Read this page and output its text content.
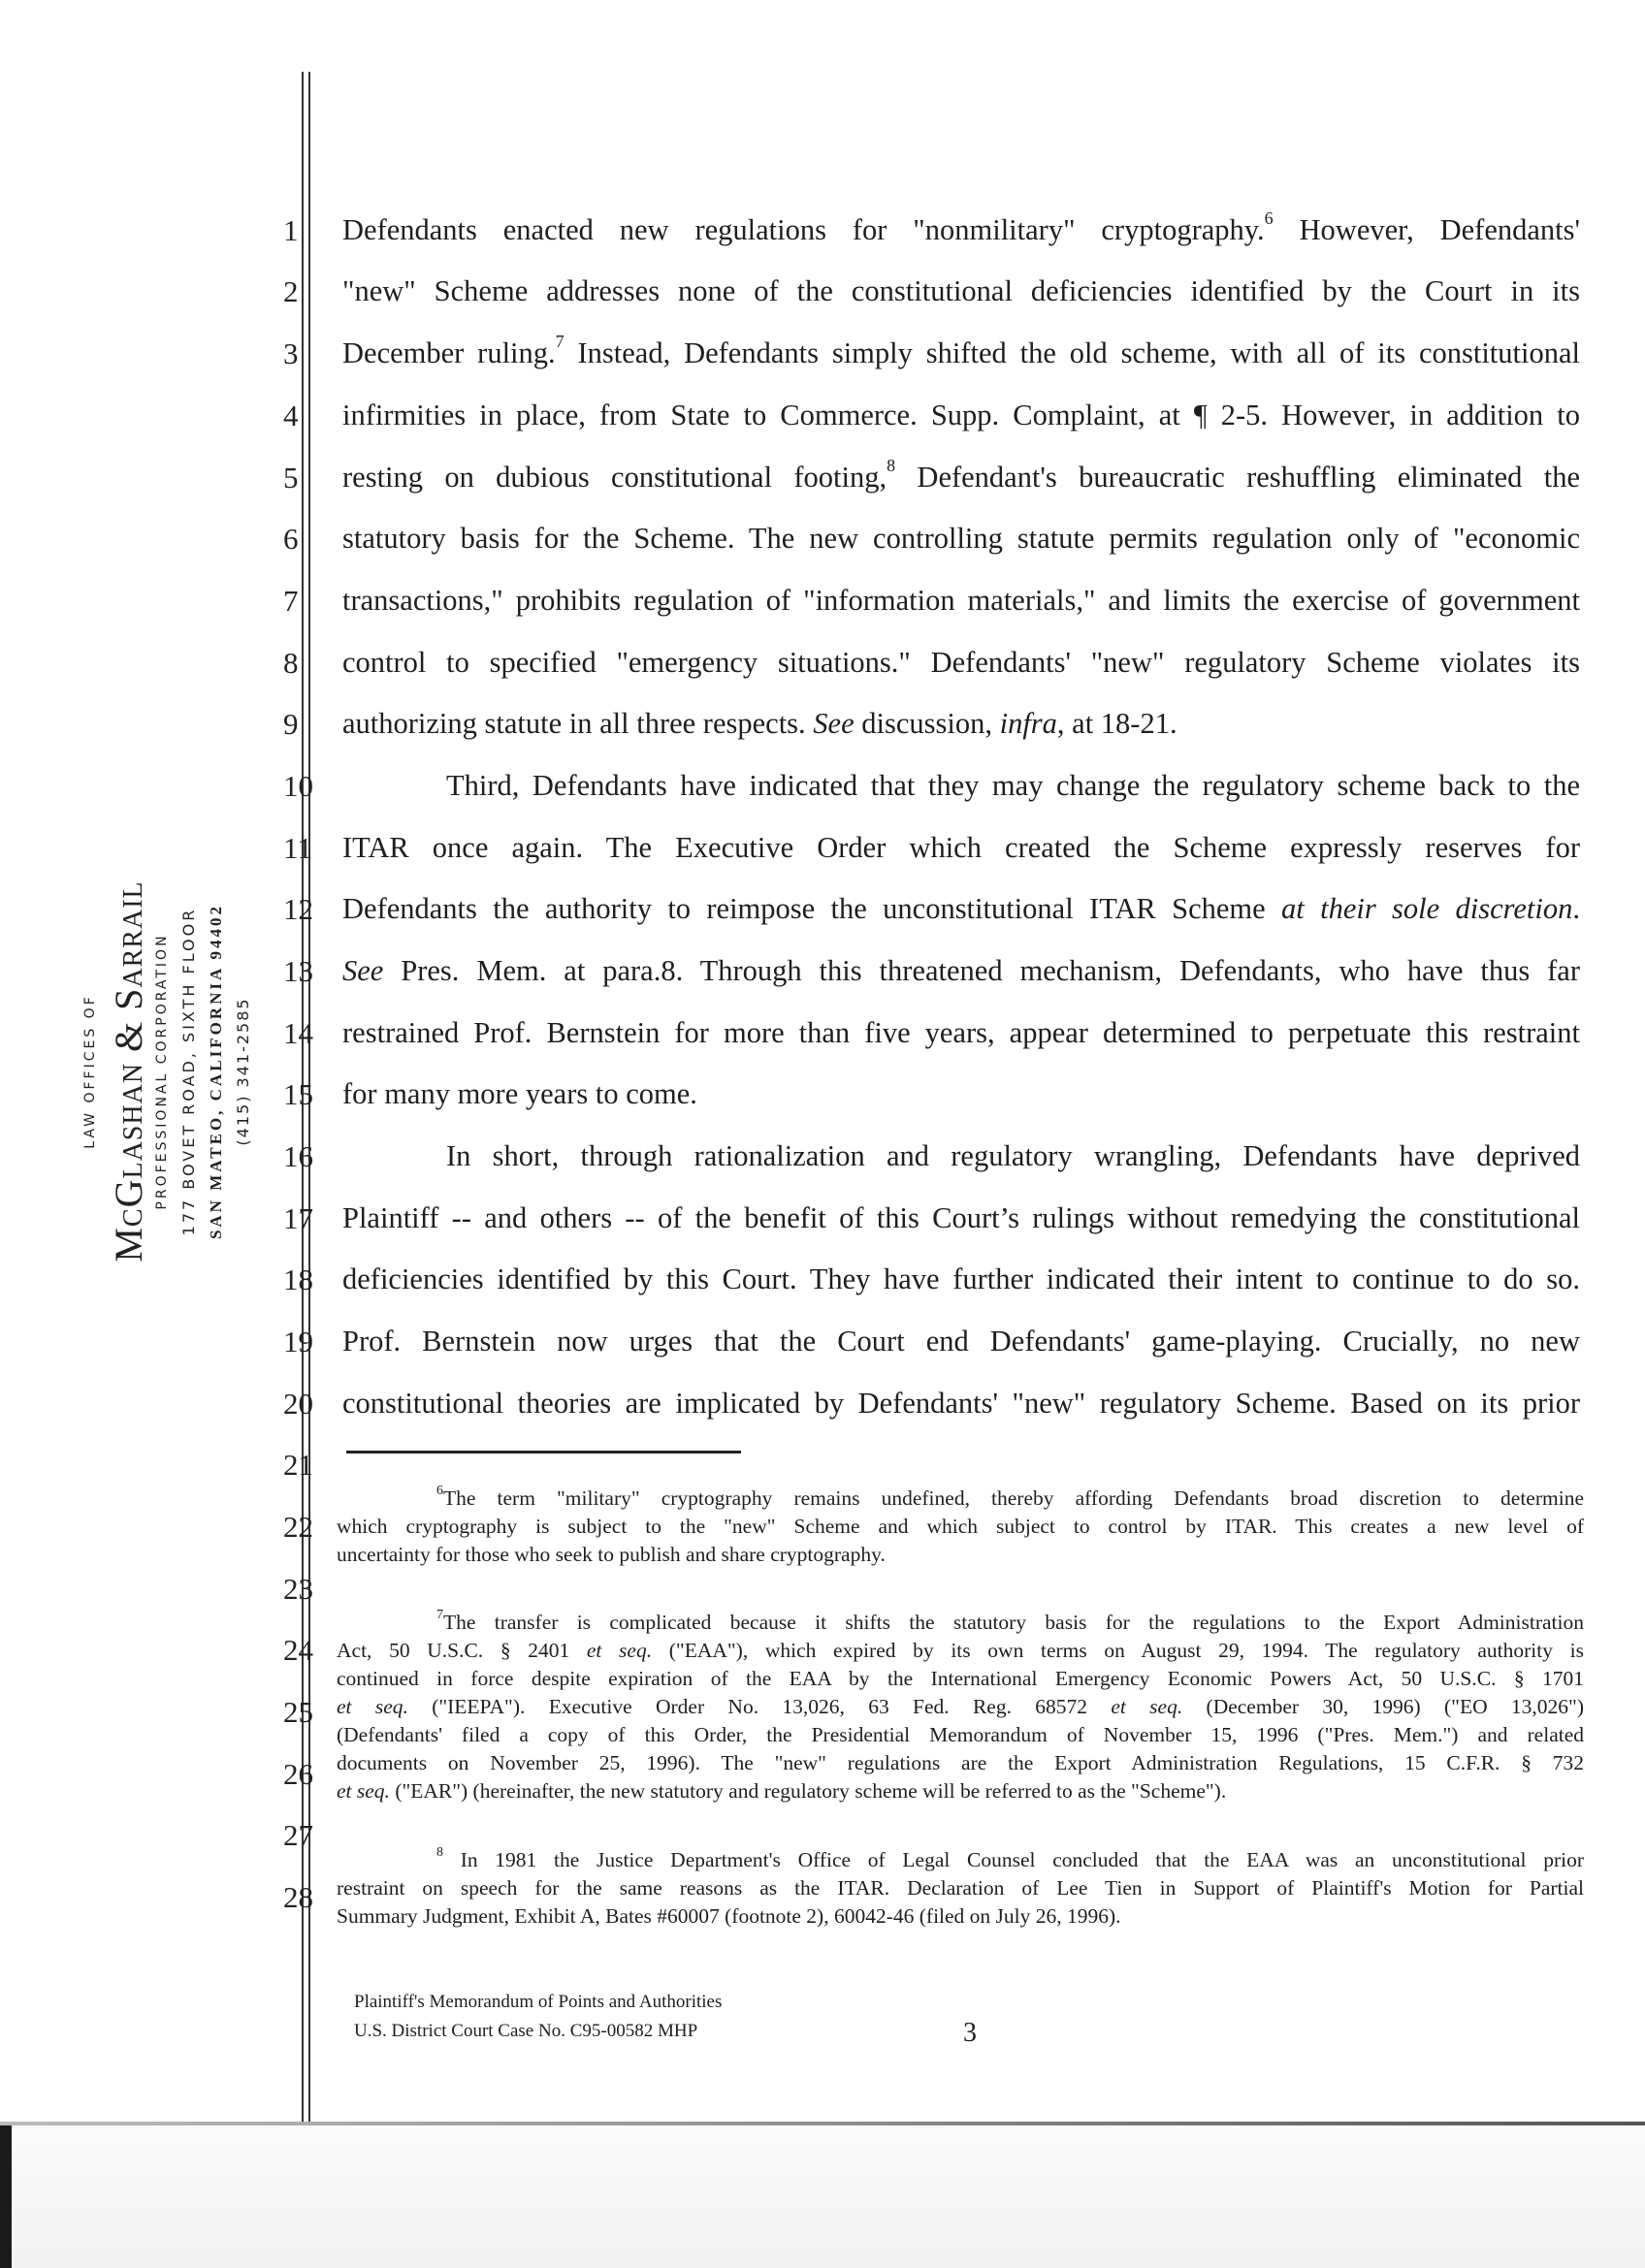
LAW OFFICES OF McGlashan & Sarrail PROFESSIONAL CORPORATION 177 BOVET ROAD, SIXTH FLOOR SAN MATEO, CALIFORNIA 94402 (415) 341-2585
1
2
3
4
5
6
7
8
9
10
11
12
13
14
15
16
17
18
19
20
21
22
23
24
25
26
27
28
Defendants enacted new regulations for "nonmilitary" cryptography.$^6$ However, Defendants'
"new" Scheme addresses none of the constitutional deficiencies identified by the Court in its
December ruling.$^7$ Instead, Defendants simply shifted the old scheme, with all of its constitutional
infirmities in place, from State to Commerce. Supp. Complaint, at ¶ 2-5. However, in addition to
resting on dubious constitutional footing,$^8$ Defendant's bureaucratic reshuffling eliminated the
statutory basis for the Scheme. The new controlling statute permits regulation only of "economic
transactions," prohibits regulation of "information materials," and limits the exercise of government
control to specified "emergency situations." Defendants' "new" regulatory Scheme violates its
authorizing statute in all three respects. See discussion, infra, at 18-21.
Third, Defendants have indicated that they may change the regulatory scheme back to the
ITAR once again. The Executive Order which created the Scheme expressly reserves for
Defendants the authority to reimpose the unconstitutional ITAR Scheme at their sole discretion.
See Pres. Mem. at para.8. Through this threatened mechanism, Defendants, who have thus far
restrained Prof. Bernstein for more than five years, appear determined to perpetuate this restraint
for many more years to come.
In short, through rationalization and regulatory wrangling, Defendants have deprived
Plaintiff -- and others -- of the benefit of this Court’s rulings without remedying the constitutional
deficiencies identified by this Court. They have further indicated their intent to continue to do so.
Prof. Bernstein now urges that the Court end Defendants' game-playing. Crucially, no new
constitutional theories are implicated by Defendants' "new" regulatory Scheme. Based on its prior
$^6$The term "military" cryptography remains undefined, thereby affording Defendants broad discretion to determine
which cryptography is subject to the "new" Scheme and which subject to control by ITAR. This creates a new level of
uncertainty for those who seek to publish and share cryptography.
$^7$The transfer is complicated because it shifts the statutory basis for the regulations to the Export Administration
Act, 50 U.S.C. § 2401 et seq. ("EAA"), which expired by its own terms on August 29, 1994. The regulatory authority is
continued in force despite expiration of the EAA by the International Emergency Economic Powers Act, 50 U.S.C. § 1701
et seq. ("IEEPA"). Executive Order No. 13,026, 63 Fed. Reg. 68572 et seq. (December 30, 1996) ("EO 13,026")
(Defendants' filed a copy of this Order, the Presidential Memorandum of November 15, 1996 ("Pres. Mem.") and related
documents on November 25, 1996). The "new" regulations are the Export Administration Regulations, 15 C.F.R. § 732
et seq. ("EAR") (hereinafter, the new statutory and regulatory scheme will be referred to as the "Scheme").
$^8$ In 1981 the Justice Department's Office of Legal Counsel concluded that the EAA was an unconstitutional prior
restraint on speech for the same reasons as the ITAR. Declaration of Lee Tien in Support of Plaintiff's Motion for Partial
Summary Judgment, Exhibit A, Bates #60007 (footnote 2), 60042-46 (filed on July 26, 1996).
Plaintiff's Memorandum of Points and Authorities
U.S. District Court Case No. C95-00582 MHP	3
